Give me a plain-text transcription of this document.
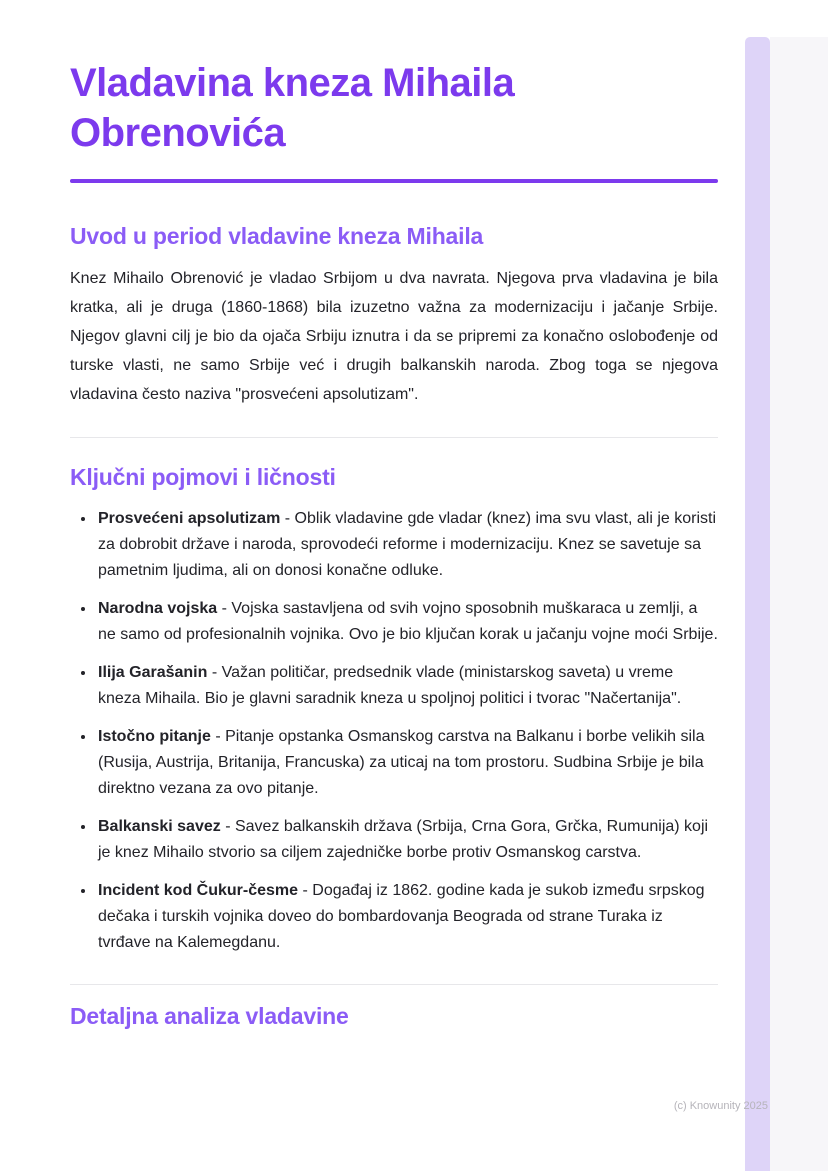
Vladavina kneza Mihaila Obrenovića
Uvod u period vladavine kneza Mihaila

Knez Mihailo Obrenović je vladao Srbijom u dva navrata. Njegova prva vladavina je bila kratka, ali je druga (1860-1868) bila izuzetno važna za modernizaciju i jačanje Srbije. Njegov glavni cilj je bio da ojača Srbiju iznutra i da se pripremi za konačno oslobođenje od turske vlasti, ne samo Srbije već i drugih balkanskih naroda. Zbog toga se njegova vladavina često naziva "prosvećeni apsolutizam".

Ključni pojmovi i ličnosti
• Prosvećeni apsolutizam - Oblik vladavine gde vladar (knez) ima svu vlast, ali je koristi za dobrobit države i naroda, sprovodeći reforme i modernizaciju. Knez se savetuje sa pametnim ljudima, ali on donosi konačne odluke.
• Narodna vojska - Vojska sastavljena od svih vojno sposobnih muškaraca u zemlji, a ne samo od profesionalnih vojnika. Ovo je bio ključan korak u jačanju vojne moći Srbije.
• Ilija Garašanin - Važan političar, predsednik vlade (ministarskog saveta) u vreme kneza Mihaila. Bio je glavni saradnik kneza u spoljnoj politici i tvorac "Načertanija".
• Istočno pitanje - Pitanje opstanka Osmanskog carstva na Balkanu i borbe velikih sila (Rusija, Austrija, Britanija, Francuska) za uticaj na tom prostoru. Sudbina Srbije je bila direktno vezana za ovo pitanje.
• Balkanski savez - Savez balkanskih država (Srbija, Crna Gora, Grčka, Rumunija) koji je knez Mihailo stvorio sa ciljem zajedničke borbe protiv Osmanskog carstva.
• Incident kod Čukur-česme - Događaj iz 1862. godine kada je sukob između srpskog dečaka i turskih vojnika doveo do bombardovanja Beograda od strane Turaka iz tvrđave na Kalemegdanu.
Detaljna analiza vladavine
(c) Knowunity 2025
